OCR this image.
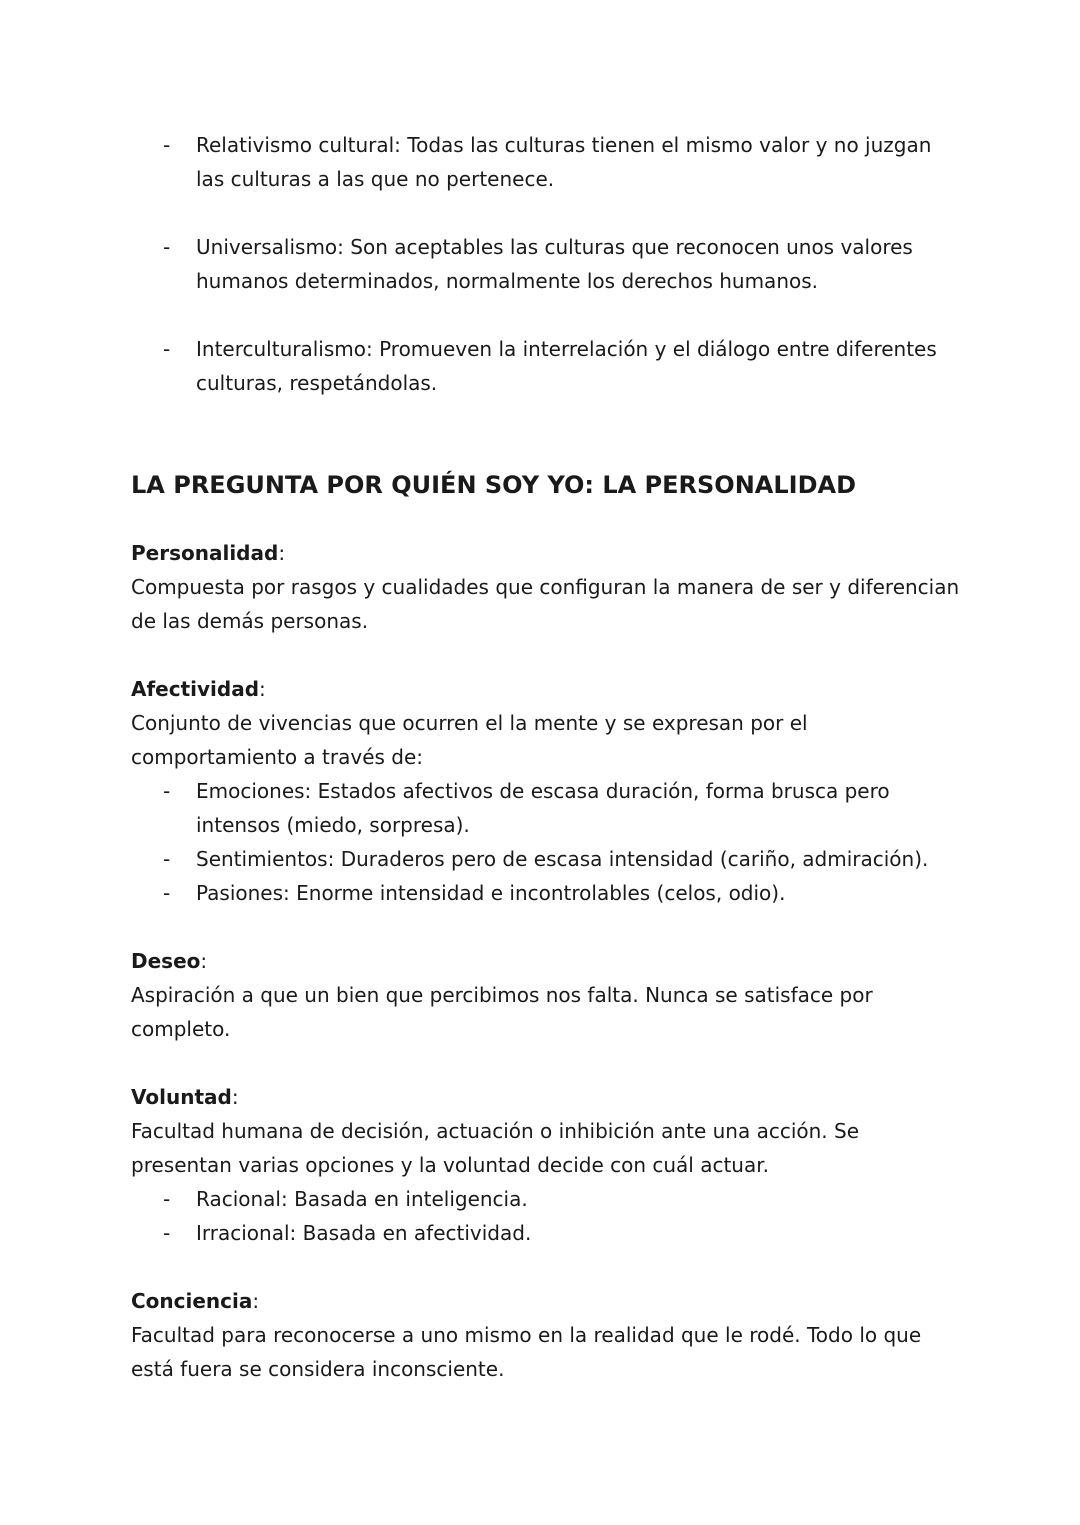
- Relativismo cultural: Todas las culturas tienen el mismo valor y no juzgan las culturas a las que no pertenece.
- Universalismo: Son aceptables las culturas que reconocen unos valores humanos determinados, normalmente los derechos humanos.
- Interculturalismo: Promueven la interrelación y el diálogo entre diferentes culturas, respetándolas.
LA PREGUNTA POR QUIÉN SOY YO: LA PERSONALIDAD

Personalidad:

Compuesta por rasgos y cualidades que configuran la manera de ser y diferencian de las demás personas.

Afectividad:

Conjunto de vivencias que ocurren el la mente y se expresan por el comportamiento a través de:

- Emociones: Estados afectivos de escasa duración, forma brusca pero intensos (miedo, sorpresa).
- Sentimientos: Duraderos pero de escasa intensidad (cariño, admiración).
- Pasiones: Enorme intensidad e incontrolables (celos, odio).

Deseo:

Aspiración a que un bien que percibimos nos falta. Nunca se satisface por completo.

Voluntad:

Facultad humana de decisión, actuación o inhibición ante una acción. Se presentan varias opciones y la voluntad decide con cuál actuar.

- Racional: Basada en inteligencia.
- Irracional: Basada en afectividad.

Conciencia:

Facultad para reconocerse a uno mismo en la realidad que le rodé. Todo lo que está fuera se considera inconsciente.
